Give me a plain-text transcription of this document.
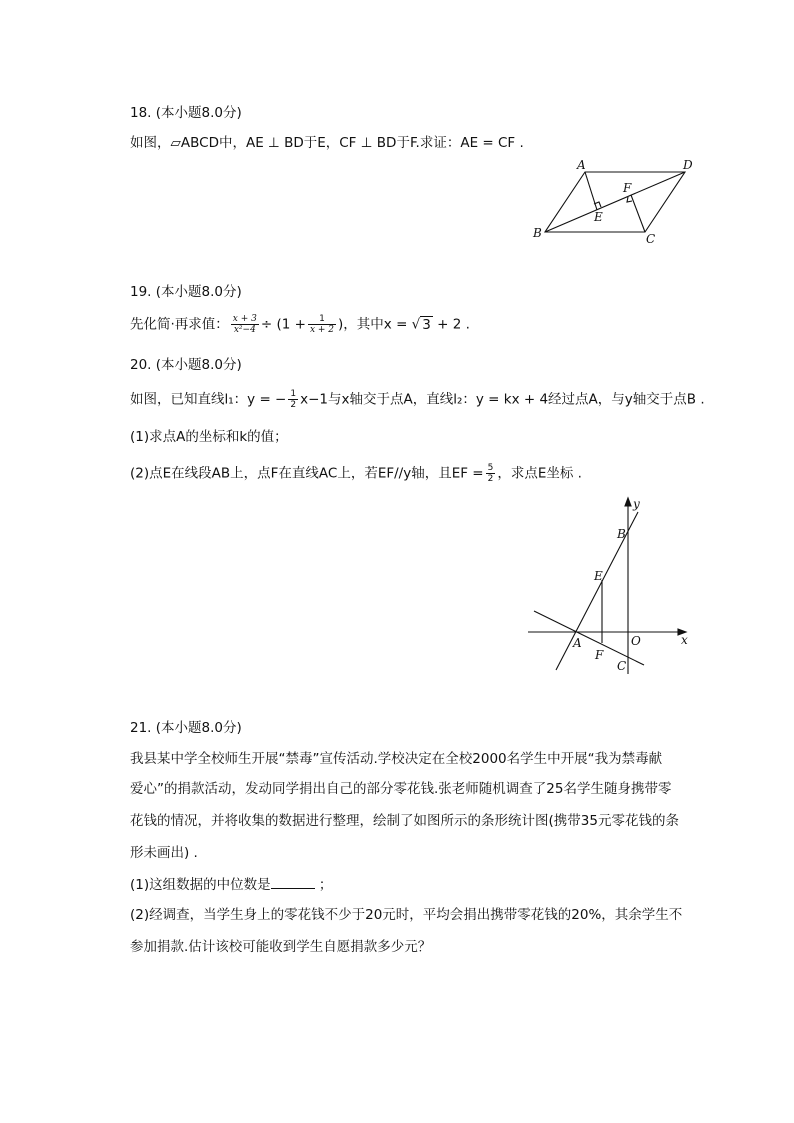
18. (本小题8.0分)
如图，▱ABCD中，AE ⊥ BD于E，CF ⊥ BD于F.求证：AE = CF .
A	D
B	C
E
F
19. (本小题8.0分)
先化简·再求值： $\frac{x + 3}{\text{x²−4}} \div (1 + \frac{1}{x + 2}$ )，其中x = √ 3 + 2 .
20. (本小题8.0分)
如图，已知直线l₁：y = − $\frac{1}{2} x-1$与x轴交于点A，直线l₂：y = kx + 4经过点A，与y轴交于点B .
(1)求点A的坐标和k的值；
(2)点E在线段AB上，点F在直线AC上，若EF//y轴，且EF = $\frac{5}{2}$ ，求点E坐标 .
y
x
O
A
B
C
E
F
21. (本小题8.0分)
我县某中学全校师生开展“禁毒”宣传活动.学校决定在全校2000名学生中开展“我为禁毒献
爱心”的捐款活动，发动同学捐出自己的部分零花钱.张老师随机调查了25名学生随身携带零
花钱的情况，并将收集的数据进行整理，绘制了如图所示的条形统计图(携带35元零花钱的条
形未画出) .
(1)这组数据的中位数是	；
(2)经调查，当学生身上的零花钱不少于20元时，平均会捐出携带零花钱的20%，其余学生不
参加捐款.估计该校可能收到学生自愿捐款多少元？
